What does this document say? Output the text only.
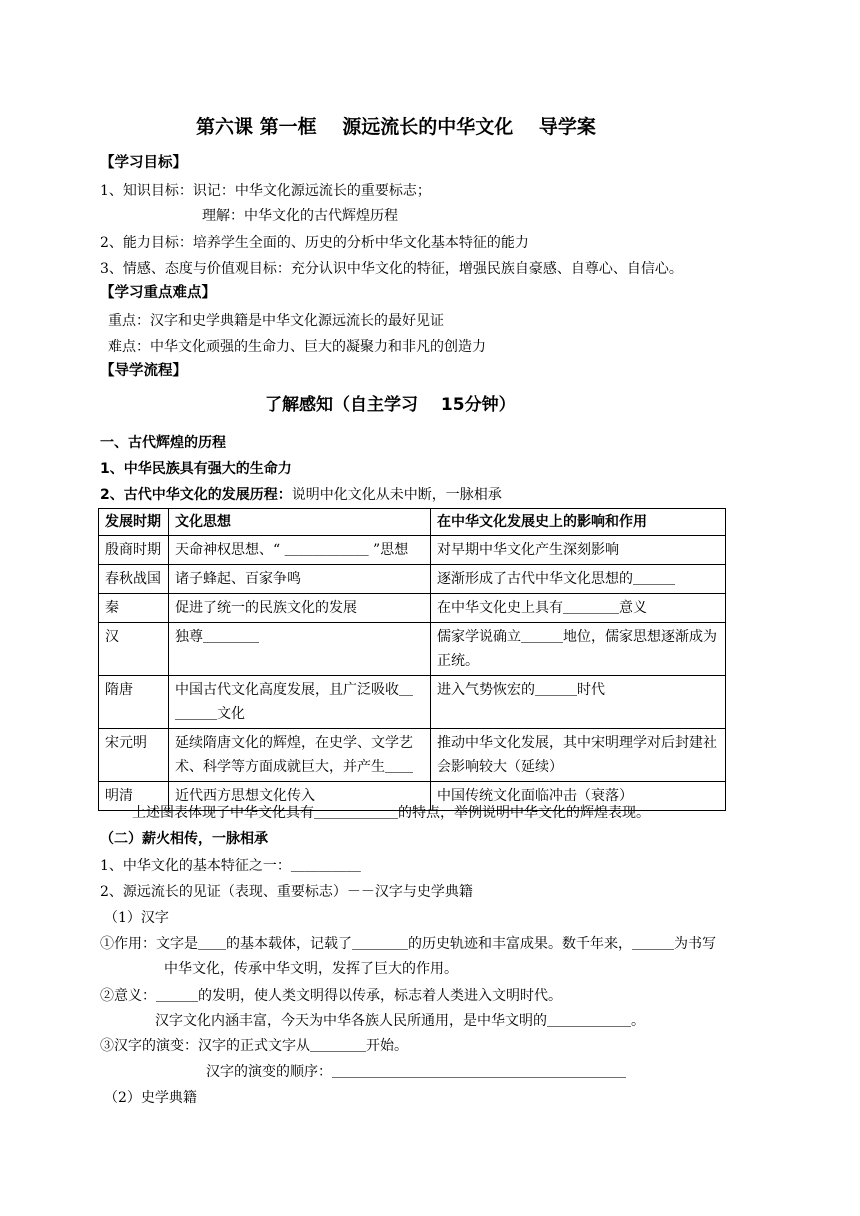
第六课 第一框　 源远流长的中华文化　 导学案
【学习目标】
1、知识目标：识记：中华文化源远流长的重要标志；
理解：中华文化的古代辉煌历程
2、能力目标：培养学生全面的、历史的分析中华文化基本特征的能力
3、情感、态度与价值观目标：充分认识中华文化的特征，增强民族自豪感、自尊心、自信心。
【学习重点难点】
重点：汉字和史学典籍是中华文化源远流长的最好见证
难点：中华文化顽强的生命力、巨大的凝聚力和非凡的创造力
【导学流程】
了解感知（自主学习　 15分钟）
一、古代辉煌的历程
1、中华民族具有强大的生命力
2、古代中华文化的发展历程：说明中化文化从未中断，一脉相承
发展时期	文化思想	在中华文化发展史上的影响和作用
殷商时期	天命神权思想、“ ＿＿＿＿＿＿ ”思想	对早期中华文化产生深刻影响
春秋战国	诸子蜂起、百家争鸣	逐渐形成了古代中华文化思想的＿＿＿
秦	促进了统一的民族文化的发展	在中华文化史上具有＿＿＿＿意义
汉	独尊＿＿＿＿	儒家学说确立＿＿＿地位，儒家思想逐渐成为正统。
隋唐	中国古代文化高度发展，且广泛吸收＿＿＿＿文化	进入气势恢宏的＿＿＿时代
宋元明	延续隋唐文化的辉煌，在史学、文学艺术、科学等方面成就巨大，并产生＿＿	推动中华文化发展，其中宋明理学对后封建社会影响较大（延续）
明清	近代西方思想文化传入	中国传统文化面临冲击（衰落）
上述图表体现了中华文化具有＿＿＿＿＿＿的特点，举例说明中华文化的辉煌表现。
（二）薪火相传，一脉相承
1、中华文化的基本特征之一：＿＿＿＿＿
2、源远流长的见证（表现、重要标志）－－汉字与史学典籍
（1）汉字
①作用：文字是＿＿的基本载体，记载了＿＿＿＿的历史轨迹和丰富成果。数千年来，＿＿＿为书写
中华文化，传承中华文明，发挥了巨大的作用。
②意义：＿＿＿的发明，使人类文明得以传承，标志着人类进入文明时代。
汉字文化内涵丰富，今天为中华各族人民所通用，是中华文明的＿＿＿＿＿＿。
③汉字的演变：汉字的正式文字从＿＿＿＿开始。
汉字的演变的顺序：＿＿＿＿＿＿＿＿＿＿＿＿＿＿＿＿＿＿＿＿＿
（2）史学典籍
